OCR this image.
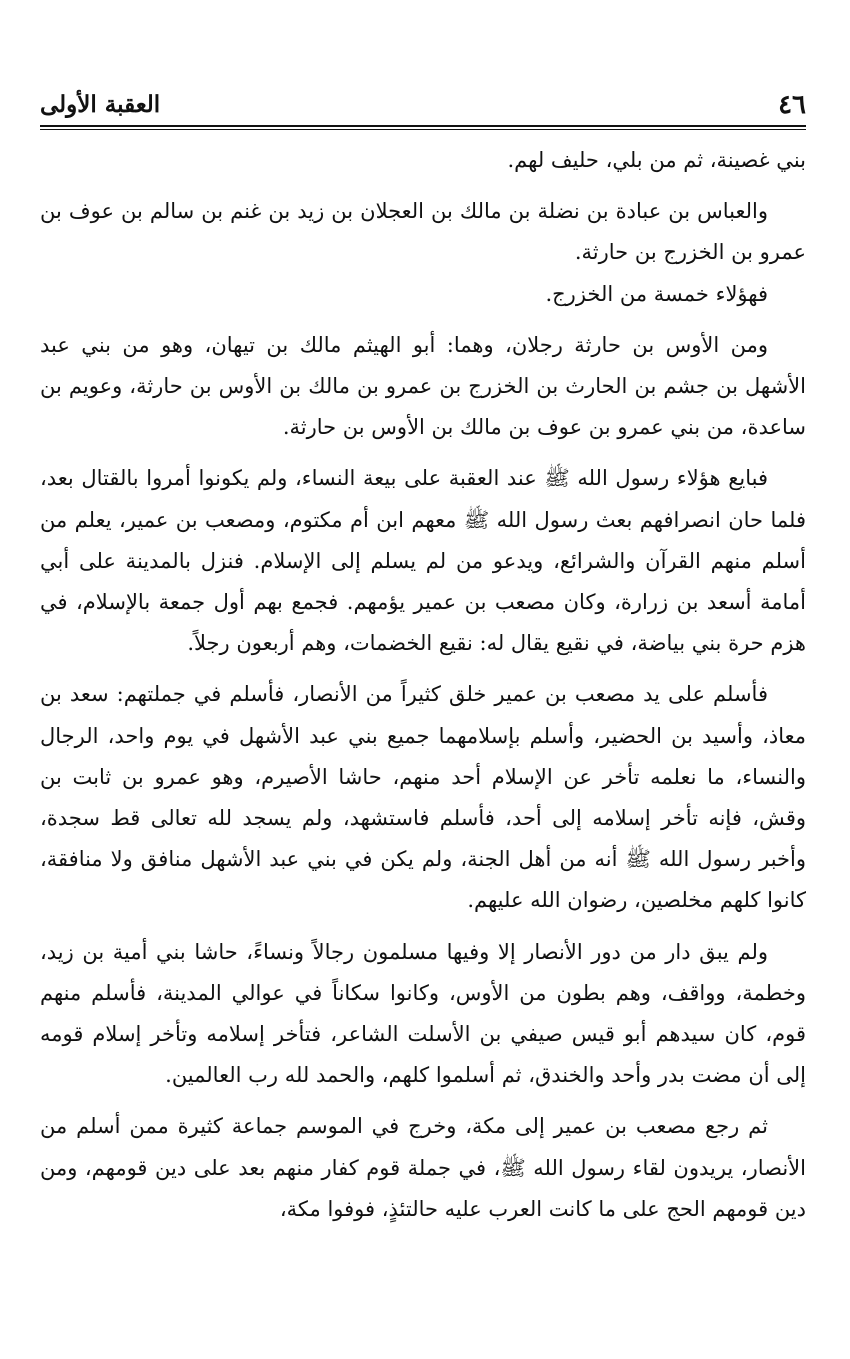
٤٦
العقبة الأولى

بني غصينة، ثم من بلي، حليف لهم.

والعباس بن عبادة بن نضلة بن مالك بن العجلان بن زيد بن غنم بن سالم بن عوف بن عمرو بن الخزرج بن حارثة.

فهؤلاء خمسة من الخزرج.

ومن الأوس بن حارثة رجلان، وهما: أبو الهيثم مالك بن تيهان، وهو من بني عبد الأشهل بن جشم بن الحارث بن الخزرج بن عمرو بن مالك بن الأوس بن حارثة، وعويم بن ساعدة، من بني عمرو بن عوف بن مالك بن الأوس بن حارثة.

فبايع هؤلاء رسول الله ﷺ عند العقبة على بيعة النساء، ولم يكونوا أمروا بالقتال بعد، فلما حان انصرافهم بعث رسول الله ﷺ معهم ابن أم مكتوم، ومصعب بن عمير، يعلم من أسلم منهم القرآن والشرائع، ويدعو من لم يسلم إلى الإسلام. فنزل بالمدينة على أبي أمامة أسعد بن زرارة، وكان مصعب بن عمير يؤمهم. فجمع بهم أول جمعة بالإسلام، في هزم حرة بني بياضة، في نقيع يقال له: نقيع الخضمات، وهم أربعون رجلاً.

فأسلم على يد مصعب بن عمير خلق كثيراً من الأنصار، فأسلم في جملتهم: سعد بن معاذ، وأسيد بن الحضير، وأسلم بإسلامهما جميع بني عبد الأشهل في يوم واحد، الرجال والنساء، ما نعلمه تأخر عن الإسلام أحد منهم، حاشا الأصيرم، وهو عمرو بن ثابت بن وقش، فإنه تأخر إسلامه إلى أحد، فأسلم فاستشهد، ولم يسجد لله تعالى قط سجدة، وأخبر رسول الله ﷺ أنه من أهل الجنة، ولم يكن في بني عبد الأشهل منافق ولا منافقة، كانوا كلهم مخلصين، رضوان الله عليهم.

ولم يبق دار من دور الأنصار إلا وفيها مسلمون رجالاً ونساءً، حاشا بني أمية بن زيد، وخطمة، وواقف، وهم بطون من الأوس، وكانوا سكاناً في عوالي المدينة، فأسلم منهم قوم، كان سيدهم أبو قيس صيفي بن الأسلت الشاعر، فتأخر إسلامه وتأخر إسلام قومه إلى أن مضت بدر وأحد والخندق، ثم أسلموا كلهم، والحمد لله رب العالمين.

ثم رجع مصعب بن عمير إلى مكة، وخرج في الموسم جماعة كثيرة ممن أسلم من الأنصار، يريدون لقاء رسول الله ﷺ، في جملة قوم كفار منهم بعد على دين قومهم، ومن دين قومهم الحج على ما كانت العرب عليه حالتئذٍ، فوفوا مكة،
